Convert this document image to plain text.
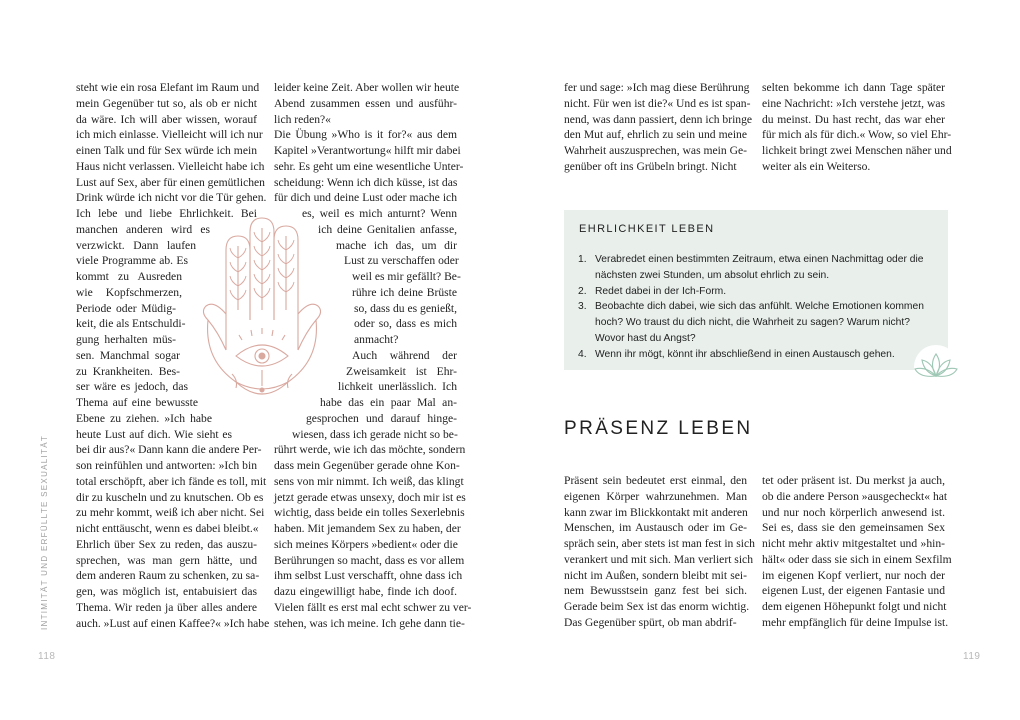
steht wie ein rosa Elefant im Raum und
mein Gegenüber tut so, als ob er nicht
da wäre. Ich will aber wissen, worauf
ich mich einlasse. Vielleicht will ich nur
einen Talk und für Sex würde ich mein
Haus nicht verlassen. Vielleicht habe ich
Lust auf Sex, aber für einen gemütlichen
Drink würde ich nicht vor die Tür gehen.
Ich lebe und liebe Ehrlichkeit. Bei
manchen anderen wird es
verzwickt. Dann laufen
viele Programme ab. Es
kommt zu Ausreden
wie Kopfschmerzen,
Periode oder Müdig-
keit, die als Entschuldi-
gung herhalten müs-
sen. Manchmal sogar
zu Krankheiten. Bes-
ser wäre es jedoch, das
Thema auf eine bewusste
Ebene zu ziehen. »Ich habe
heute Lust auf dich. Wie sieht es
bei dir aus?« Dann kann die andere Per-
son reinfühlen und antworten: »Ich bin
total erschöpft, aber ich fände es toll, mit
dir zu kuscheln und zu knutschen. Ob es
zu mehr kommt, weiß ich aber nicht. Sei
nicht enttäuscht, wenn es dabei bleibt.«
Ehrlich über Sex zu reden, das auszu-
sprechen, was man gern hätte, und
dem anderen Raum zu schenken, zu sa-
gen, was möglich ist, entabuisiert das
Thema. Wir reden ja über alles andere
auch. »Lust auf einen Kaffee?« »Ich habe
leider keine Zeit. Aber wollen wir heute
Abend zusammen essen und ausführ-
lich reden?«
Die Übung »Who is it for?« aus dem
Kapitel »Verantwortung« hilft mir dabei
sehr. Es geht um eine wesentliche Unter-
scheidung: Wenn ich dich küsse, ist das
für dich und deine Lust oder mache ich
es, weil es mich anturnt? Wenn
ich deine Genitalien anfasse,
mache ich das, um dir
Lust zu verschaffen oder
weil es mir gefällt? Be-
rühre ich deine Brüste
so, dass du es genießt,
oder so, dass es mich
anmacht?
Auch während der
Zweisamkeit ist Ehr-
lichkeit unerlässlich. Ich
habe das ein paar Mal an-
gesprochen und darauf hinge-
wiesen, dass ich gerade nicht so be-
rührt werde, wie ich das möchte, sondern
dass mein Gegenüber gerade ohne Kon-
sens von mir nimmt. Ich weiß, das klingt
jetzt gerade etwas unsexy, doch mir ist es
wichtig, dass beide ein tolles Sexerlebnis
haben. Mit jemandem Sex zu haben, der
sich meines Körpers »bedient« oder die
Berührungen so macht, dass es vor allem
ihm selbst Lust verschafft, ohne dass ich
dazu eingewilligt habe, finde ich doof.
Vielen fällt es erst mal echt schwer zu ver-
stehen, was ich meine. Ich gehe dann tie-
INTIMITÄT UND ERFÜLLTE SEXUALITÄT
118
fer und sage: »Ich mag diese Berührung
nicht. Für wen ist die?« Und es ist span-
nend, was dann passiert, denn ich bringe
den Mut auf, ehrlich zu sein und meine
Wahrheit auszusprechen, was mein Ge-
genüber oft ins Grübeln bringt. Nicht
selten bekomme ich dann Tage später
eine Nachricht: »Ich verstehe jetzt, was
du meinst. Du hast recht, das war eher
für mich als für dich.« Wow, so viel Ehr-
lichkeit bringt zwei Menschen näher und
weiter als ein Weiterso.
EHRLICHKEIT LEBEN
1. Verabredet einen bestimmten Zeitraum, etwa einen Nachmittag oder die nächsten zwei Stunden, um absolut ehrlich zu sein.
2. Redet dabei in der Ich-Form.
3. Beobachte dich dabei, wie sich das anfühlt. Welche Emotionen kommen hoch? Wo traust du dich nicht, die Wahrheit zu sagen? Warum nicht? Wovor hast du Angst?
4. Wenn ihr mögt, könnt ihr abschließend in einen Austausch gehen.
PRÄSENZ LEBEN
Präsent sein bedeutet erst einmal, den
eigenen Körper wahrzunehmen. Man
kann zwar im Blickkontakt mit anderen
Menschen, im Austausch oder im Ge-
spräch sein, aber stets ist man fest in sich
verankert und mit sich. Man verliert sich
nicht im Außen, sondern bleibt mit sei-
nem Bewusstsein ganz fest bei sich.
Gerade beim Sex ist das enorm wichtig.
Das Gegenüber spürt, ob man abdrif-
tet oder präsent ist. Du merkst ja auch,
ob die andere Person »ausgecheckt« hat
und nur noch körperlich anwesend ist.
Sei es, dass sie den gemeinsamen Sex
nicht mehr aktiv mitgestaltet und »hin-
hält« oder dass sie sich in einem Sexfilm
im eigenen Kopf verliert, nur noch der
eigenen Lust, der eigenen Fantasie und
dem eigenen Höhepunkt folgt und nicht
mehr empfänglich für deine Impulse ist.
119
